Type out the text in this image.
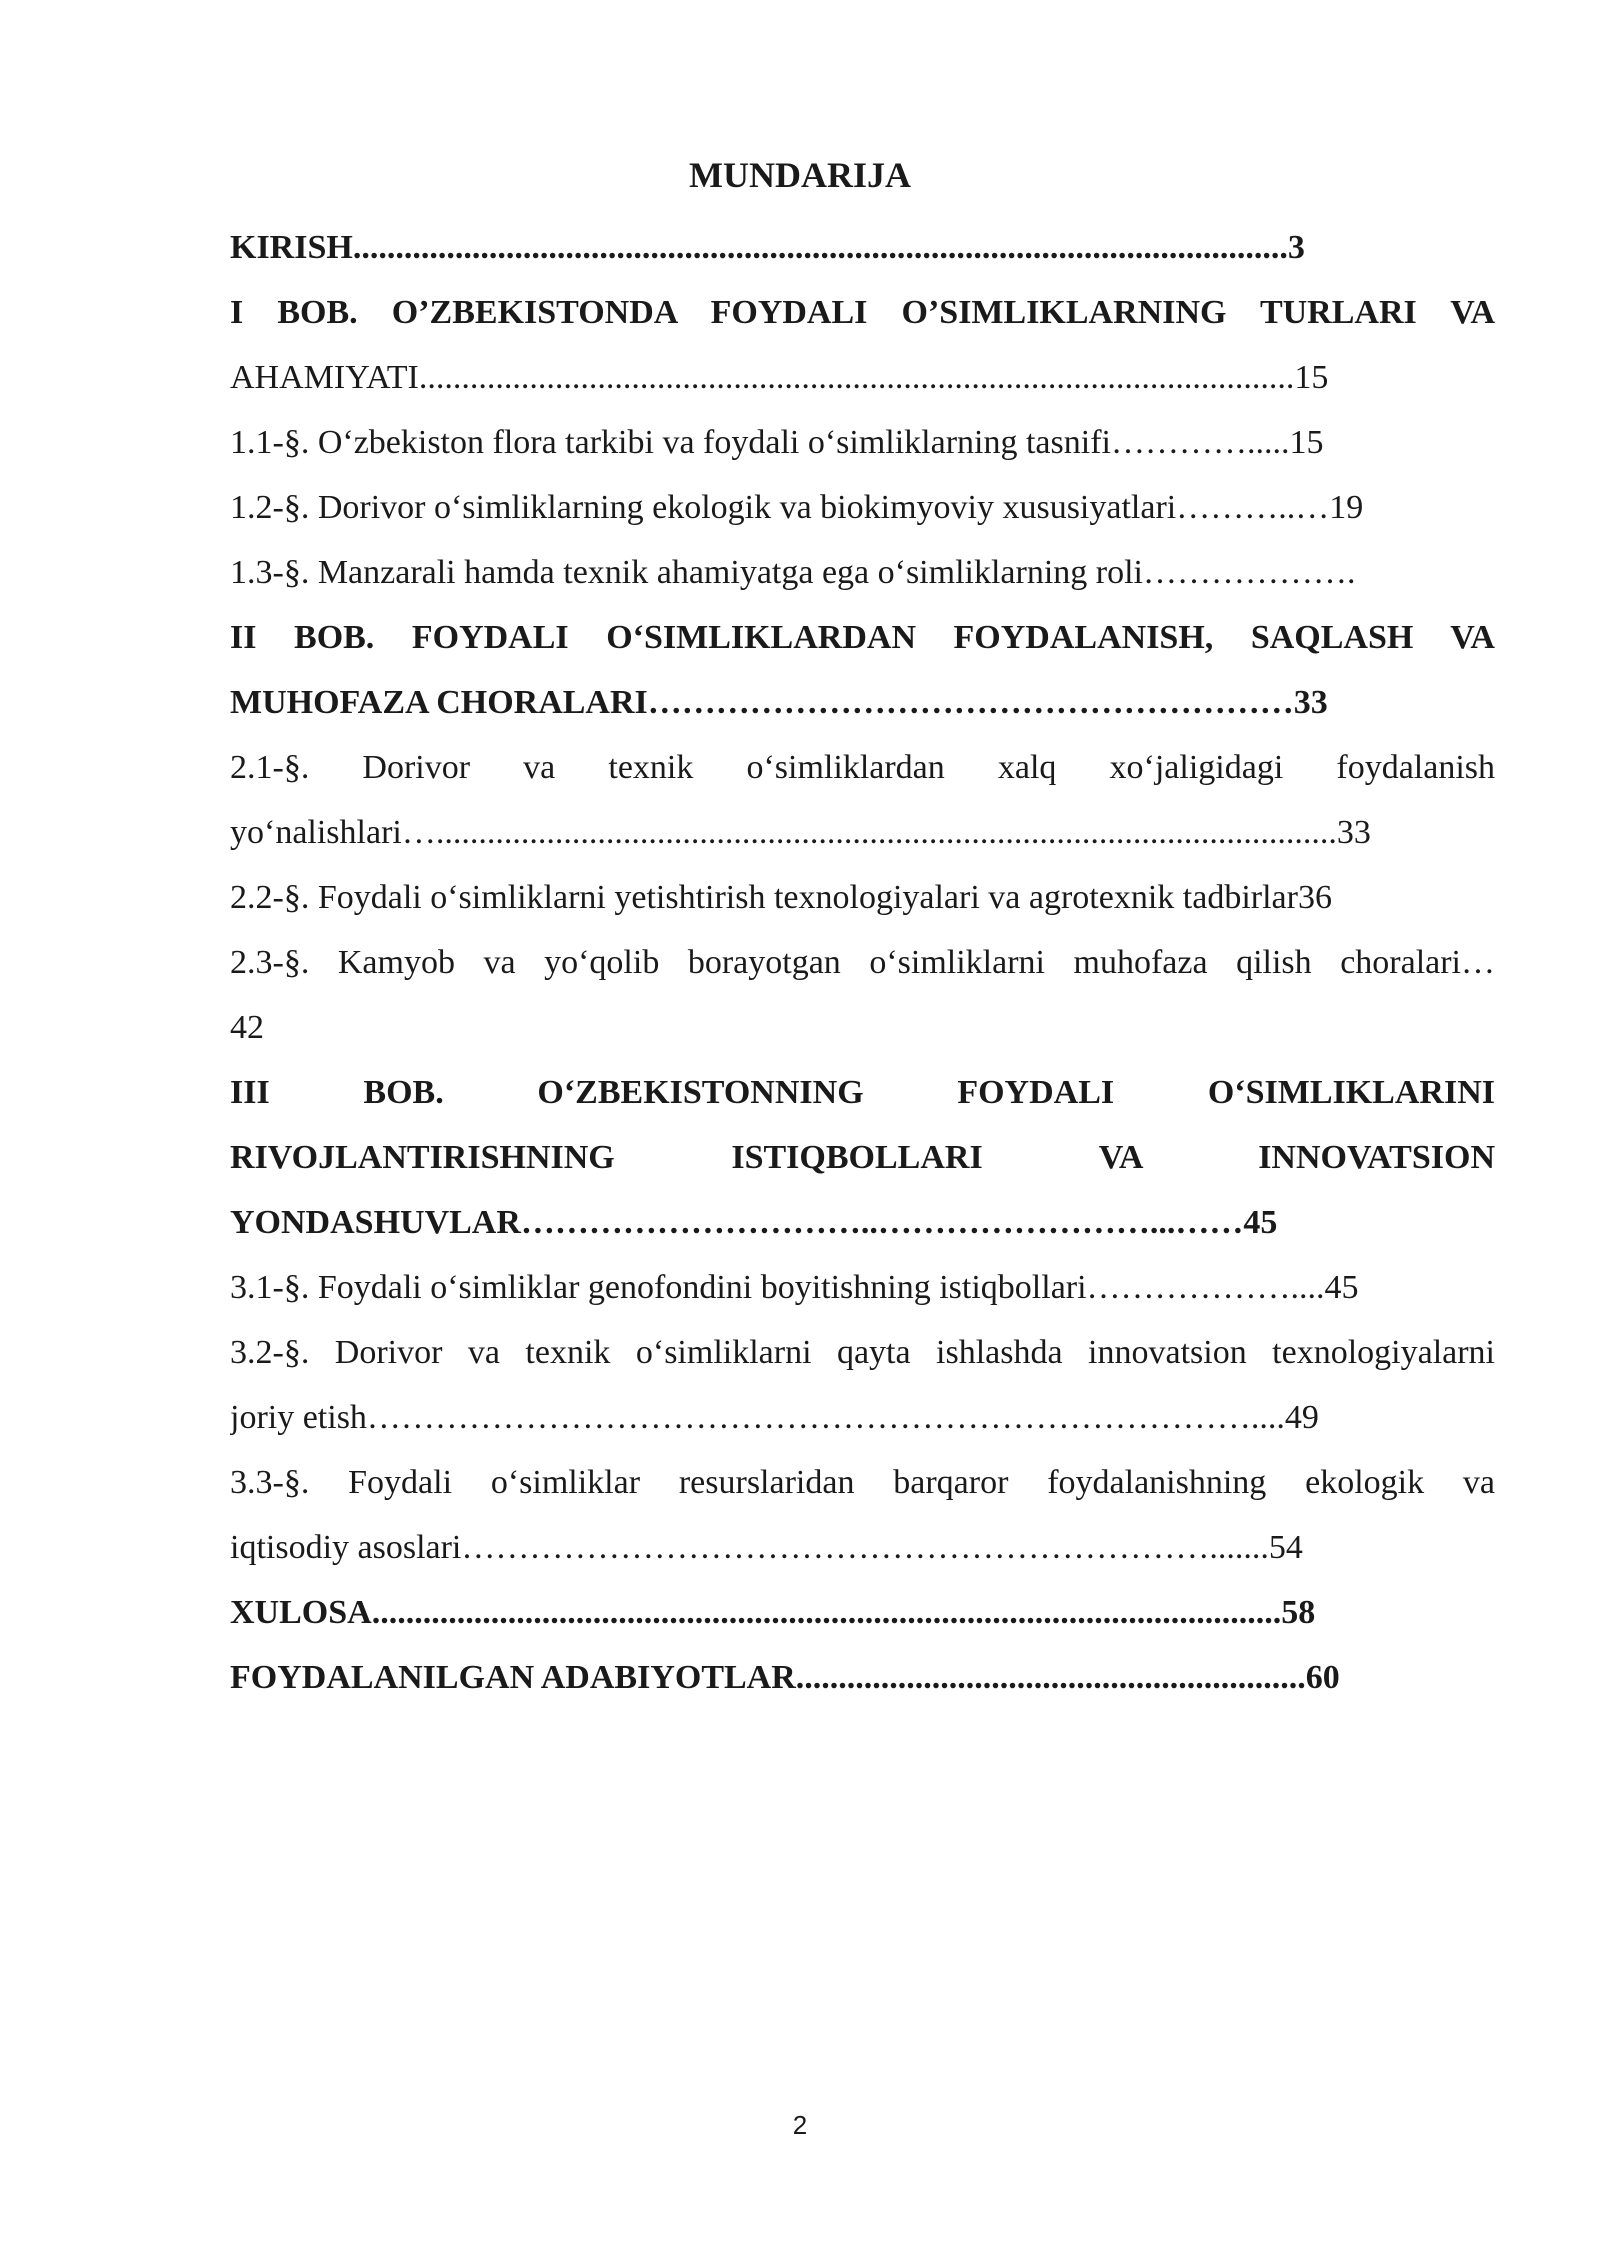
MUNDARIJA
KIRISH..............................................................................................................3
I BOB. O’ZBEKISTONDA FOYDALI O’SIMLIKLARNING TURLARI VA
AHAMIYATI.......................................................................................................15
1.1-§. O‘zbekiston flora tarkibi va foydali o‘simliklarning tasnifi………….....15
1.2-§. Dorivor o‘simliklarning ekologik va biokimyoviy xususiyatlari………..…19
1.3-§. Manzarali hamda texnik ahamiyatga ega o‘simliklarning roli……………….
II BOB. FOYDALI O‘SIMLIKLARDAN FOYDALANISH, SAQLASH VA
MUHOFAZA CHORALARI…………………………………………………33
2.1-§. Dorivor va texnik o‘simliklardan xalq xo‘jaligidagi foydalanish
yo‘nalishlari…..........................................................................................................33
2.2-§. Foydali o‘simliklarni yetishtirish texnologiyalari va agrotexnik tadbirlar36
2.3-§. Kamyob va yo‘qolib borayotgan o‘simliklarni muhofaza qilish choralari…
42
III BOB. O‘ZBEKISTONNING FOYDALI O‘SIMLIKLARINI
RIVOJLANTIRISHNING ISTIQBOLLARI VA INNOVATSION
YONDASHUVLAR…………………………..……………………...……45
3.1-§. Foydali o‘simliklar genofondini boyitishning istiqbollari………………....45
3.2-§. Dorivor va texnik o‘simliklarni qayta ishlashda innovatsion texnologiyalarni
joriy etish……………………………………………………………………....49
3.3-§. Foydali o‘simliklar resurslaridan barqaror foydalanishning ekologik va
iqtisodiy asoslari………………………………………………………….......54
XULOSA...........................................................................................................58
FOYDALANILGAN ADABIYOTLAR............................................................60
2
